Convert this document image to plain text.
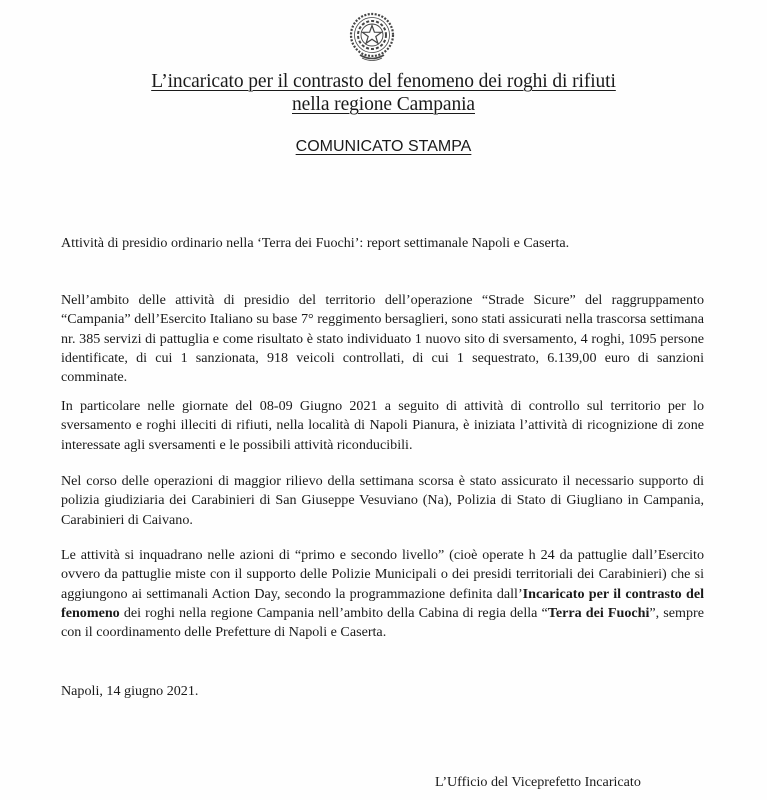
L’incaricato per il contrasto del fenomeno dei roghi di rifiuti
nella regione Campania
COMUNICATO STAMPA

Attività di presidio ordinario nella ‘Terra dei Fuochi’: report settimanale Napoli e Caserta.

Nell’ambito delle attività di presidio del territorio dell’operazione “Strade Sicure” del raggruppamento “Campania” dell’Esercito Italiano su base 7° reggimento bersaglieri, sono stati assicurati nella trascorsa settimana nr. 385 servizi di pattuglia e come risultato è stato individuato 1 nuovo sito di sversamento, 4 roghi, 1095 persone identificate, di cui 1 sanzionata, 918 veicoli controllati, di cui 1 sequestrato, 6.139,00 euro di sanzioni comminate.

In particolare nelle giornate del 08-09 Giugno 2021 a seguito di attività di controllo sul territorio per lo sversamento e roghi illeciti di rifiuti, nella località di Napoli Pianura, è iniziata l’attività di ricognizione di zone interessate agli sversamenti e le possibili attività riconducibili.

Nel corso delle operazioni di maggior rilievo della settimana scorsa è stato assicurato il necessario supporto di polizia giudiziaria dei Carabinieri di San Giuseppe Vesuviano (Na), Polizia di Stato di Giugliano in Campania, Carabinieri di Caivano.

Le attività si inquadrano nelle azioni di “primo e secondo livello” (cioè operate h 24 da pattuglie dall’Esercito ovvero da pattuglie miste con il supporto delle Polizie Municipali o dei presidi territoriali dei Carabinieri) che si aggiungono ai settimanali Action Day, secondo la programmazione definita dall’Incaricato per il contrasto del fenomeno dei roghi nella regione Campania nell’ambito della Cabina di regia della “Terra dei Fuochi”, sempre con il coordinamento delle Prefetture di Napoli e Caserta.

Napoli, 14 giugno 2021.

L’Ufficio del Viceprefetto Incaricato
